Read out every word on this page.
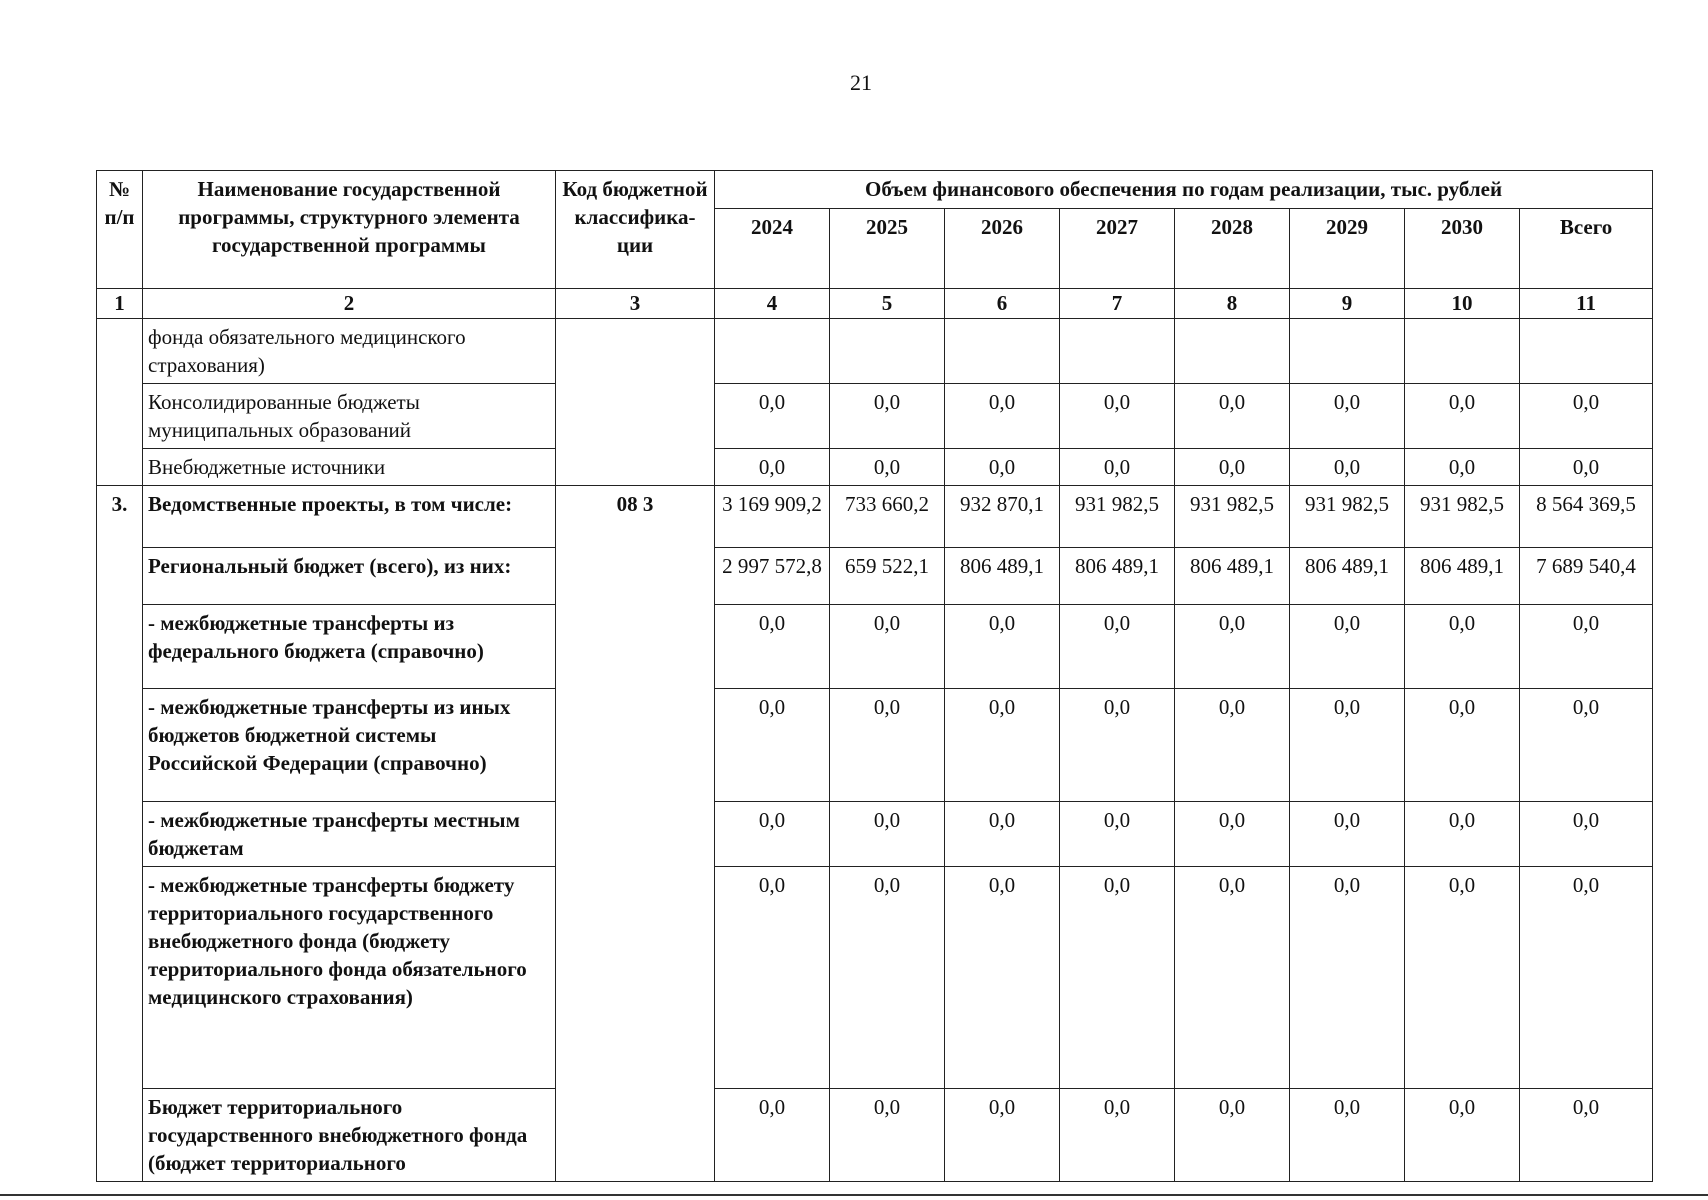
21
№ п/п	Наименование государственной программы, структурного элемента государственной программы	Код бюджетной классифика-ции	Объем финансового обеспечения по годам реализации, тыс. рублей							
			2024	2025	2026	2027	2028	2029	2030	Всего
1	2	3	4	5	6	7	8	9	10	11
	фонда обязательного медицинского страхования)									
	Консолидированные бюджеты муниципальных образований		0,0	0,0	0,0	0,0	0,0	0,0	0,0	0,0
	Внебюджетные источники		0,0	0,0	0,0	0,0	0,0	0,0	0,0	0,0
3.	Ведомственные проекты, в том числе:	08 3	3 169 909,2	733 660,2	932 870,1	931 982,5	931 982,5	931 982,5	931 982,5	8 564 369,5
	Региональный бюджет (всего), из них:		2 997 572,8	659 522,1	806 489,1	806 489,1	806 489,1	806 489,1	806 489,1	7 689 540,4
	- межбюджетные трансферты из федерального бюджета (справочно)		0,0	0,0	0,0	0,0	0,0	0,0	0,0	0,0
	- межбюджетные трансферты из иных бюджетов бюджетной системы Российской Федерации (справочно)		0,0	0,0	0,0	0,0	0,0	0,0	0,0	0,0
	- межбюджетные трансферты местным бюджетам		0,0	0,0	0,0	0,0	0,0	0,0	0,0	0,0
	- межбюджетные трансферты бюджету территориального государственного внебюджетного фонда (бюджету территориального фонда обязательного медицинского страхования)		0,0	0,0	0,0	0,0	0,0	0,0	0,0	0,0
	Бюджет территориального государственного внебюджетного фонда (бюджет территориального		0,0	0,0	0,0	0,0	0,0	0,0	0,0	0,0
